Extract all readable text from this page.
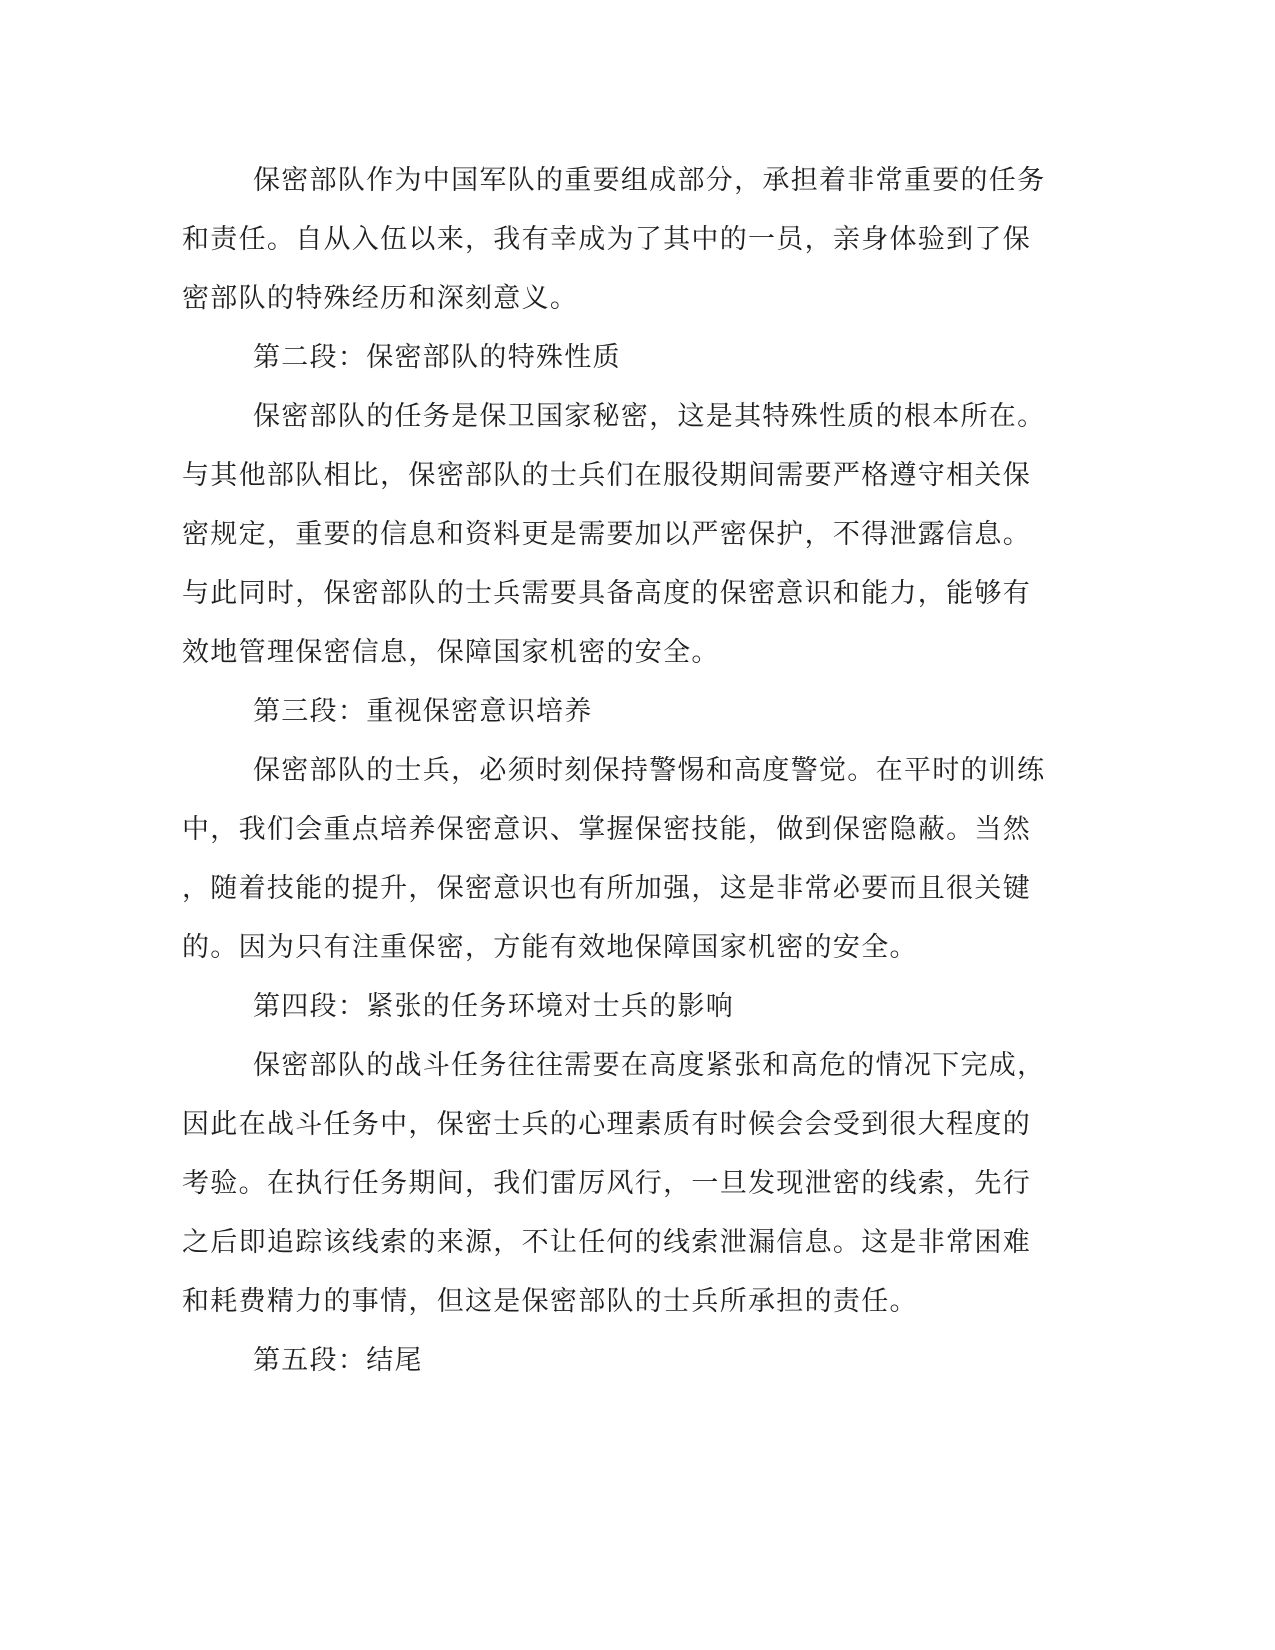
保密部队作为中国军队的重要组成部分，承担着非常重要的任务
和责任。自从入伍以来，我有幸成为了其中的一员，亲身体验到了保
密部队的特殊经历和深刻意义。
第二段：保密部队的特殊性质
保密部队的任务是保卫国家秘密，这是其特殊性质的根本所在。
与其他部队相比，保密部队的士兵们在服役期间需要严格遵守相关保
密规定，重要的信息和资料更是需要加以严密保护，不得泄露信息。
与此同时，保密部队的士兵需要具备高度的保密意识和能力，能够有
效地管理保密信息，保障国家机密的安全。
第三段：重视保密意识培养
保密部队的士兵，必须时刻保持警惕和高度警觉。在平时的训练
中，我们会重点培养保密意识、掌握保密技能，做到保密隐蔽。当然
，随着技能的提升，保密意识也有所加强，这是非常必要而且很关键
的。因为只有注重保密，方能有效地保障国家机密的安全。
第四段：紧张的任务环境对士兵的影响
保密部队的战斗任务往往需要在高度紧张和高危的情况下完成，
因此在战斗任务中，保密士兵的心理素质有时候会会受到很大程度的
考验。在执行任务期间，我们雷厉风行，一旦发现泄密的线索，先行
之后即追踪该线索的来源，不让任何的线索泄漏信息。这是非常困难
和耗费精力的事情，但这是保密部队的士兵所承担的责任。
第五段：结尾
